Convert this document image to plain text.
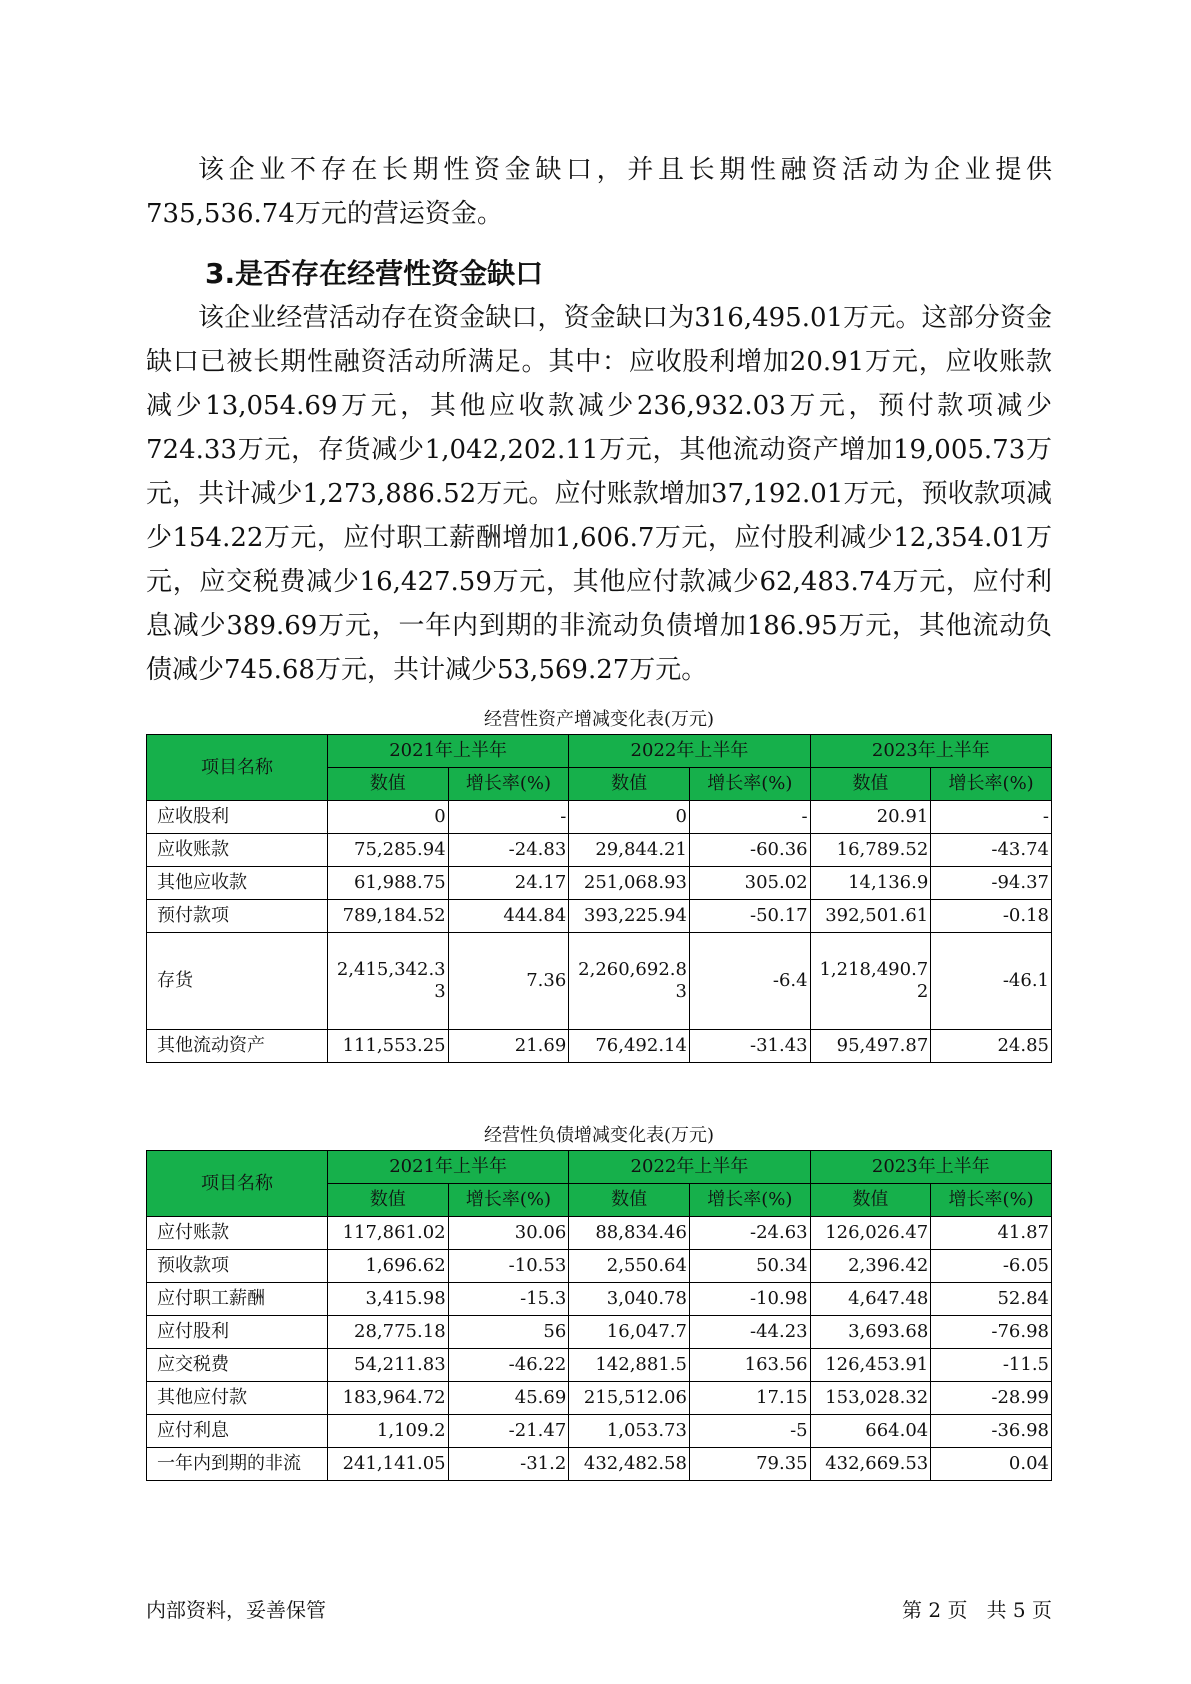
该企业不存在长期性资金缺口，并且长期性融资活动为企业提供735,536.74万元的营运资金。

3.是否存在经营性资金缺口

该企业经营活动存在资金缺口，资金缺口为316,495.01万元。这部分资金缺口已被长期性融资活动所满足。其中：应收股利增加20.91万元，应收账款减少13,054.69万元，其他应收款减少236,932.03万元，预付款项减少724.33万元，存货减少1,042,202.11万元，其他流动资产增加19,005.73万元，共计减少1,273,886.52万元。应付账款增加37,192.01万元，预收款项减少154.22万元，应付职工薪酬增加1,606.7万元，应付股利减少12,354.01万元，应交税费减少16,427.59万元，其他应付款减少62,483.74万元，应付利息减少389.69万元，一年内到期的非流动负债增加186.95万元，其他流动负债减少745.68万元，共计减少53,569.27万元。

经营性资产增减变化表(万元)
项目名称	2021年上半年		2022年上半年		2023年上半年	
	数值	增长率(%)	数值	增长率(%)	数值	增长率(%)
应收股利	0	-	0	-	20.91	-
应收账款	75,285.94	-24.83	29,844.21	-60.36	16,789.52	-43.74
其他应收款	61,988.75	24.17	251,068.93	305.02	14,136.9	-94.37
预付款项	789,184.52	444.84	393,225.94	-50.17	392,501.61	-0.18
存货	2,415,342.33	7.36	2,260,692.83	-6.4	1,218,490.72	-46.1
其他流动资产	111,553.25	21.69	76,492.14	-31.43	95,497.87	24.85
经营性负债增减变化表(万元)
项目名称	2021年上半年		2022年上半年		2023年上半年	
	数值	增长率(%)	数值	增长率(%)	数值	增长率(%)
应付账款	117,861.02	30.06	88,834.46	-24.63	126,026.47	41.87
预收款项	1,696.62	-10.53	2,550.64	50.34	2,396.42	-6.05
应付职工薪酬	3,415.98	-15.3	3,040.78	-10.98	4,647.48	52.84
应付股利	28,775.18	56	16,047.7	-44.23	3,693.68	-76.98
应交税费	54,211.83	-46.22	142,881.5	163.56	126,453.91	-11.5
其他应付款	183,964.72	45.69	215,512.06	17.15	153,028.32	-28.99
应付利息	1,109.2	-21.47	1,053.73	-5	664.04	-36.98
一年内到期的非流	241,141.05	-31.2	432,482.58	79.35	432,669.53	0.04
内部资料，妥善保管	第 2 页   共 5 页
